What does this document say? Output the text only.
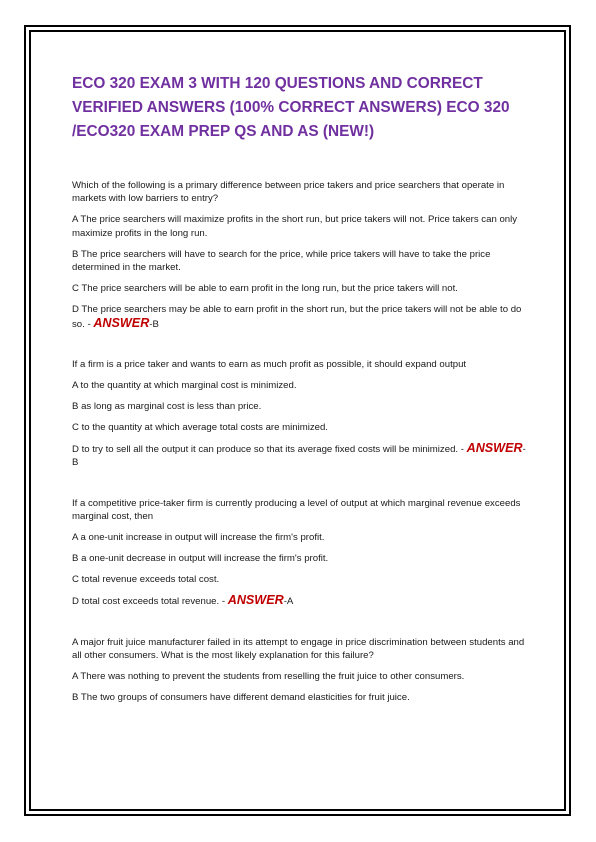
ECO 320 EXAM 3 WITH 120 QUESTIONS AND CORRECT VERIFIED ANSWERS (100% CORRECT ANSWERS) ECO 320 /ECO320 EXAM PREP QS AND AS (NEW!)

Which of the following is a primary difference between price takers and price searchers that operate in markets with low barriers to entry?

A The price searchers will maximize profits in the short run, but price takers will not. Price takers can only maximize profits in the long run.

B The price searchers will have to search for the price, while price takers will have to take the price determined in the market.

C The price searchers will be able to earn profit in the long run, but the price takers will not.

D The price searchers may be able to earn profit in the short run, but the price takers will not be able to do so. - ANSWER-B

If a firm is a price taker and wants to earn as much profit as possible, it should expand output

A to the quantity at which marginal cost is minimized.

B as long as marginal cost is less than price.

C to the quantity at which average total costs are minimized.

D to try to sell all the output it can produce so that its average fixed costs will be minimized. - ANSWER-B

If a competitive price-taker firm is currently producing a level of output at which marginal revenue exceeds marginal cost, then

A a one-unit increase in output will increase the firm's profit.

B a one-unit decrease in output will increase the firm's profit.

C total revenue exceeds total cost.

D total cost exceeds total revenue. - ANSWER-A

A major fruit juice manufacturer failed in its attempt to engage in price discrimination between students and all other consumers. What is the most likely explanation for this failure?

A There was nothing to prevent the students from reselling the fruit juice to other consumers.

B The two groups of consumers have different demand elasticities for fruit juice.
